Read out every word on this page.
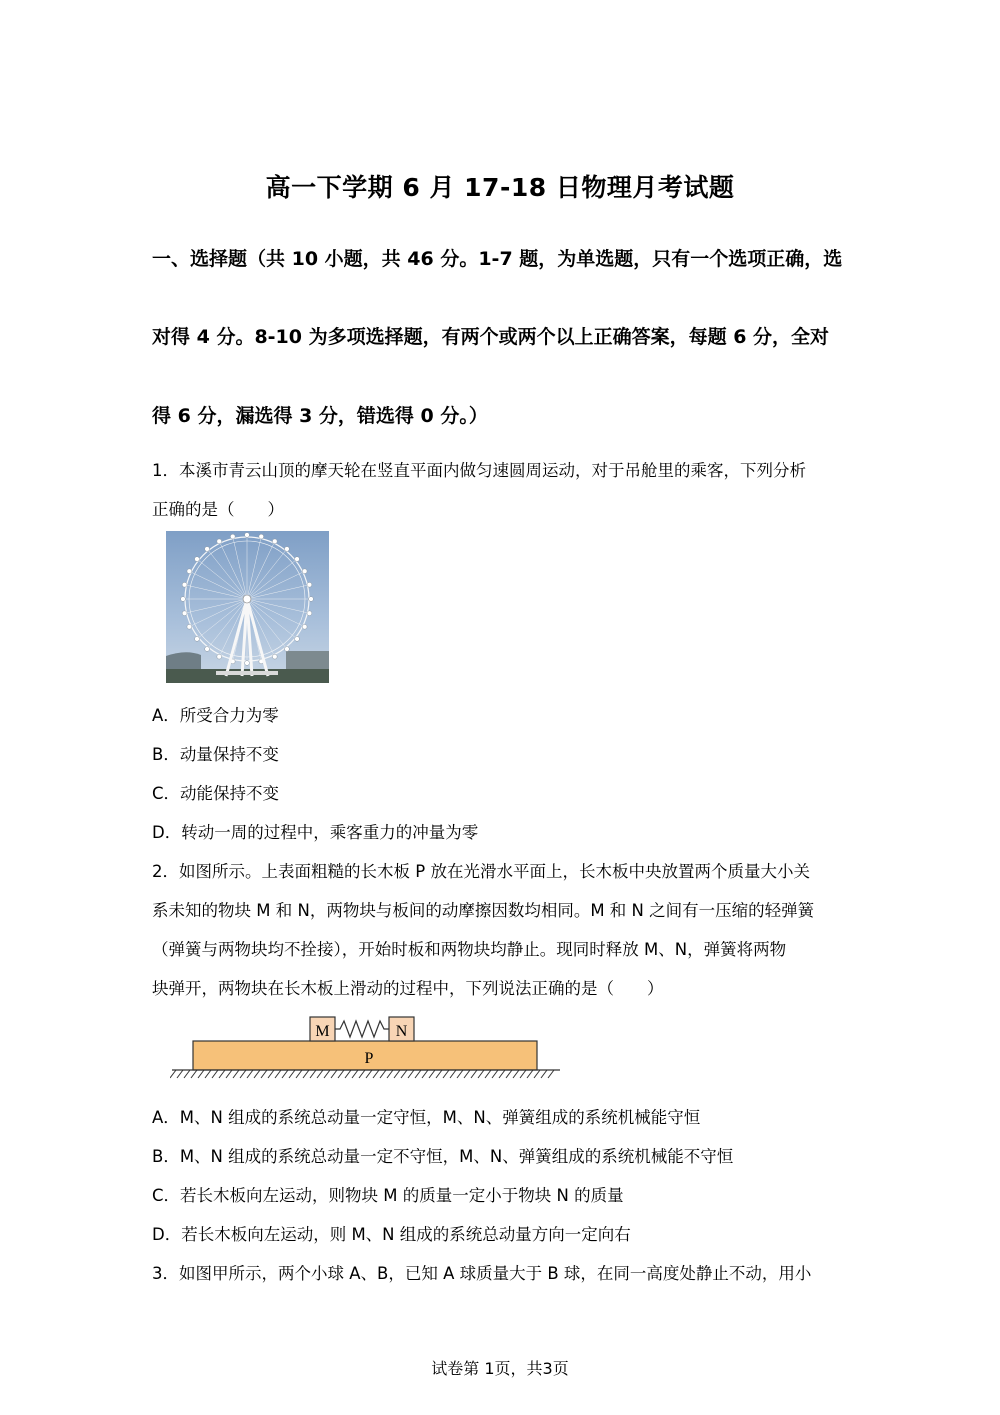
高一下学期 6 月 17-18 日物理月考试题
一、选择题（共 10 小题，共 46 分。1-7 题，为单选题，只有一个选项正确，选
对得 4 分。8-10 为多项选择题，有两个或两个以上正确答案，每题 6 分，全对
得 6 分，漏选得 3 分，错选得 0 分。）
1．本溪市青云山顶的摩天轮在竖直平面内做匀速圆周运动，对于吊舱里的乘客，下列分析
正确的是（　　）
A．所受合力为零
B．动量保持不变
C．动能保持不变
D．转动一周的过程中，乘客重力的冲量为零
2．如图所示。上表面粗糙的长木板 P 放在光滑水平面上，长木板中央放置两个质量大小关
系未知的物块 M 和 N，两物块与板间的动摩擦因数均相同。M 和 N 之间有一压缩的轻弹簧
（弹簧与两物块均不拴接），开始时板和两物块均静止。现同时释放 M、N，弹簧将两物
块弹开，两物块在长木板上滑动的过程中，下列说法正确的是（　　）
P
M	N
A．M、N 组成的系统总动量一定守恒，M、N、弹簧组成的系统机械能守恒
B．M、N 组成的系统总动量一定不守恒，M、N、弹簧组成的系统机械能不守恒
C．若长木板向左运动，则物块 M 的质量一定小于物块 N 的质量
D．若长木板向左运动，则 M、N 组成的系统总动量方向一定向右
3．如图甲所示，两个小球 A、B，已知 A 球质量大于 B 球，在同一高度处静止不动，用小
试卷第 1页，共3页
